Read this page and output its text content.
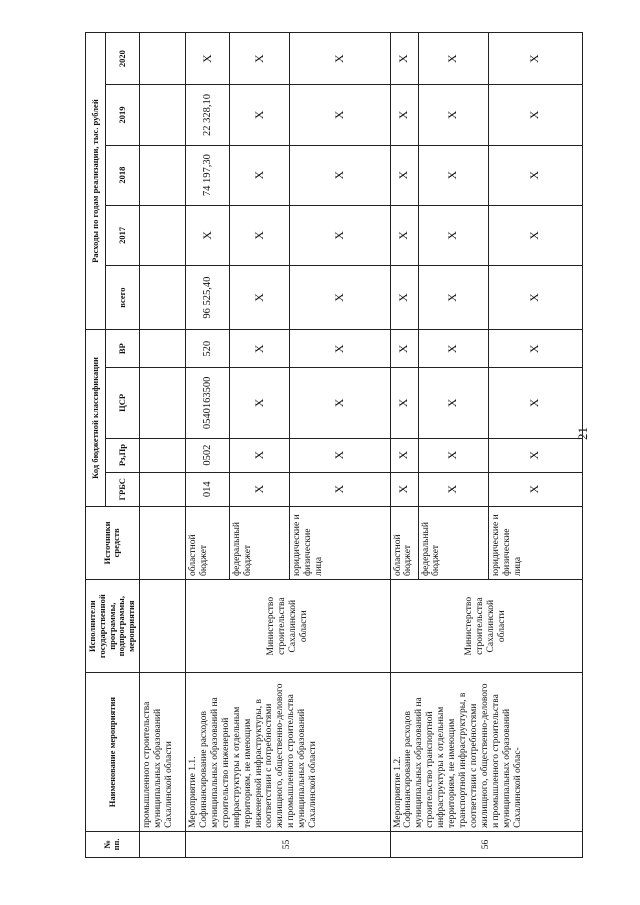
21
№ пп.	Наименование мероприятия	Исполнители государственной программы, подпрограммы, мероприятия	Источники средств	Код бюджетной классификации				Расходы по годам реализации, тыс. рублей				
				ГРБС	Рз,Пр	ЦСР	ВР	всего	2017	2018	2019	2020

	промышленного строительства муниципальных образований Сахалинской области											
55	Мероприятие 1.1. Софинансирование расходов муниципальных образований на строительство инженерной инфраструктуры к отдельным территориям, не имеющим инженерной инфраструктуры, в соответствии с потребностями жилищного, общественно-делового и промышленного строительства муниципальных образований Сахалинской области	Министерство строительства Сахалинской области	областной бюджет	014	0502	0540163500	520	96 525,40	X	74 197,30	22 328,10	X
			федеральный бюджет	X	X	X	X	X	X	X	X	X
			юридические и физические лица	X	X	X	X	X	X	X	X	X
56	Мероприятие 1.2. Софинансирование расходов муниципальных образований на строительство транспортной инфраструктуры к отдельным территориям, не имеющим транспортной инфраструктуры, в соответствии с потребностями жилищного, общественно-делового и промышленного строительства муниципальных образований Сахалинской облас-	Министерство строительства Сахалинской области	областной бюджет	X	X	X	X	X	X	X	X	X
			федеральный бюджет	X	X	X	X	X	X	X	X	X
			юридические и физические лица	X	X	X	X	X	X	X	X	X
